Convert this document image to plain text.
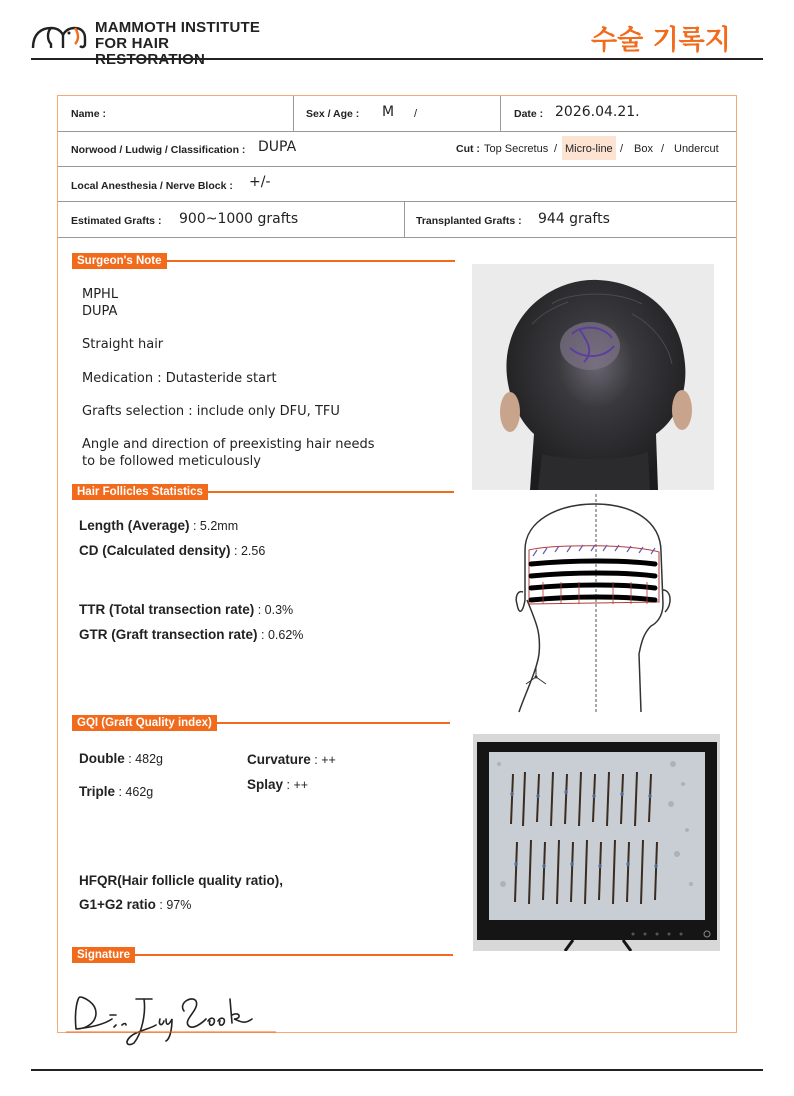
MAMMOTH INSTITUTE
FOR HAIR	수술 기록지
Name :	Sex / Age : M /	Date : 2026.04.21.
Norwood / Ludwig / Classification : DUPA	Cut : Top Secretus / Micro-line / Box / Undercut
Local Anesthesia / Nerve Block : +/-
Estimated Grafts : 900~1000 grafts	Transplanted Grafts : 944 grafts
Surgeon's Note
MPHL
DUPA
Straight hair
Medication : Dutasteride start
Grafts selection : include only DFU, TFU
Angle and direction of preexisting hair needs
to be followed meticulously
Hair Follicles Statistics
Length (Average) : 5.2mm
CD (Calculated density) : 2.56
TTR (Total transection rate) : 0.3%
GTR (Graft transection rate) : 0.62%
GQI (Graft Quality index)
Double : 482g
Triple : 462g
Curvature : ++
Splay : ++
HFQR(Hair follicle quality ratio),
G1+G2 ratio : 97%
Signature
